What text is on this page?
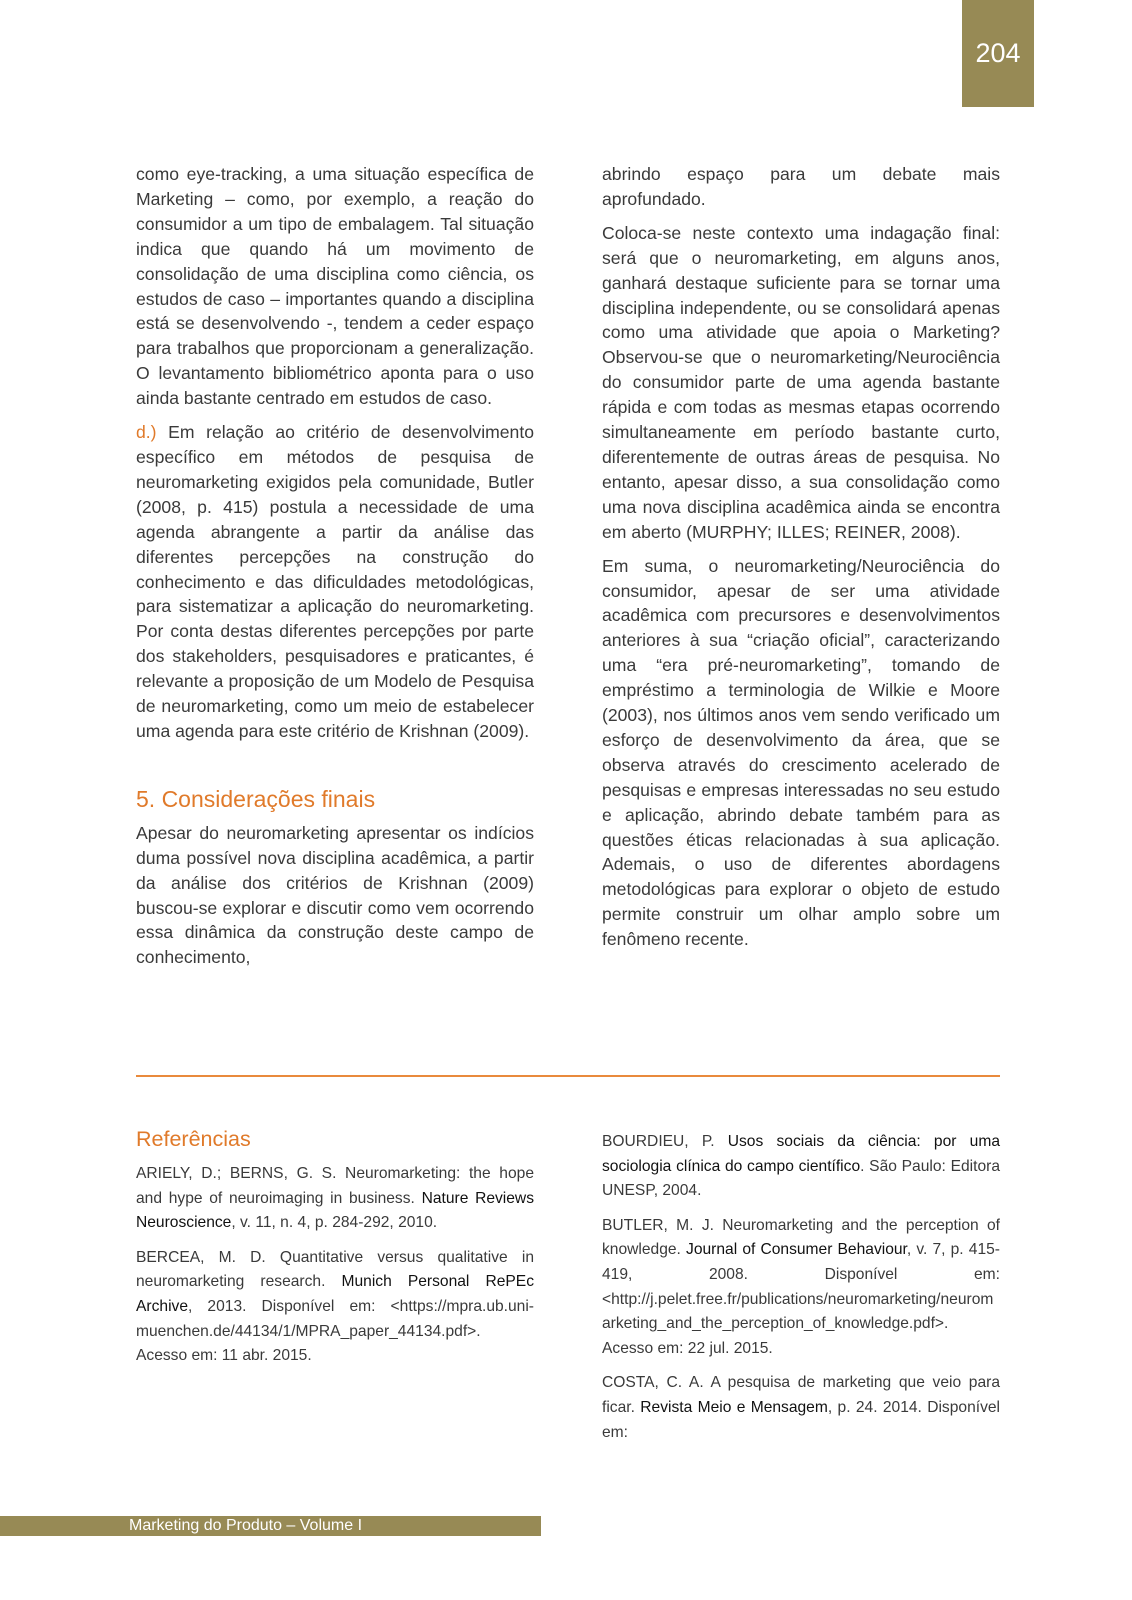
204

como eye-tracking, a uma situação específica de Marketing – como, por exemplo, a reação do consumidor a um tipo de embalagem. Tal situação indica que quando há um movimento de consolidação de uma disciplina como ciência, os estudos de caso – importantes quando a disciplina está se desenvolvendo -, tendem a ceder espaço para trabalhos que proporcionam a generalização. O levantamento bibliométrico aponta para o uso ainda bastante centrado em estudos de caso.

d.) Em relação ao critério de desenvolvimento específico em métodos de pesquisa de neuromarketing exigidos pela comunidade, Butler (2008, p. 415) postula a necessidade de uma agenda abrangente a partir da análise das diferentes percepções na construção do conhecimento e das dificuldades metodológicas, para sistematizar a aplicação do neuromarketing. Por conta destas diferentes percepções por parte dos stakeholders, pesquisadores e praticantes, é relevante a proposição de um Modelo de Pesquisa de neuromarketing, como um meio de estabelecer uma agenda para este critério de Krishnan (2009).

5. Considerações finais

Apesar do neuromarketing apresentar os indícios duma possível nova disciplina acadêmica, a partir da análise dos critérios de Krishnan (2009) buscou-se explorar e discutir como vem ocorrendo essa dinâmica da construção deste campo de conhecimento,

abrindo espaço para um debate mais aprofundado.

Coloca-se neste contexto uma indagação final: será que o neuromarketing, em alguns anos, ganhará destaque suficiente para se tornar uma disciplina independente, ou se consolidará apenas como uma atividade que apoia o Marketing? Observou-se que o neuromarketing/Neurociência do consumidor parte de uma agenda bastante rápida e com todas as mesmas etapas ocorrendo simultaneamente em período bastante curto, diferentemente de outras áreas de pesquisa. No entanto, apesar disso, a sua consolidação como uma nova disciplina acadêmica ainda se encontra em aberto (MURPHY; ILLES; REINER, 2008).

Em suma, o neuromarketing/Neurociência do consumidor, apesar de ser uma atividade acadêmica com precursores e desenvolvimentos anteriores à sua “criação oficial”, caracterizando uma “era pré-neuromarketing”, tomando de empréstimo a terminologia de Wilkie e Moore (2003), nos últimos anos vem sendo verificado um esforço de desenvolvimento da área, que se observa através do crescimento acelerado de pesquisas e empresas interessadas no seu estudo e aplicação, abrindo debate também para as questões éticas relacionadas à sua aplicação. Ademais, o uso de diferentes abordagens metodológicas para explorar o objeto de estudo permite construir um olhar amplo sobre um fenômeno recente.

Referências

ARIELY, D.; BERNS, G. S. Neuromarketing: the hope and hype of neuroimaging in business. Nature Reviews Neuroscience, v. 11, n. 4, p. 284-292, 2010.

BERCEA, M. D. Quantitative versus qualitative in neuromarketing research. Munich Personal RePEc Archive, 2013. Disponível em: <https://mpra.ub.uni-muenchen.de/44134/1/MPRA_paper_44134.pdf>. Acesso em: 11 abr. 2015.

BOURDIEU, P. Usos sociais da ciência: por uma sociologia clínica do campo científico. São Paulo: Editora UNESP, 2004.

BUTLER, M. J. Neuromarketing and the perception of knowledge. Journal of Consumer Behaviour, v. 7, p. 415-419, 2008. Disponível em: <http://j.pelet.free.fr/publications/neuromarketing/neuromarketing_and_the_perception_of_knowledge.pdf>. Acesso em: 22 jul. 2015.

COSTA, C. A. A pesquisa de marketing que veio para ficar. Revista Meio e Mensagem, p. 24. 2014. Disponível em:

Marketing do Produto – Volume I
